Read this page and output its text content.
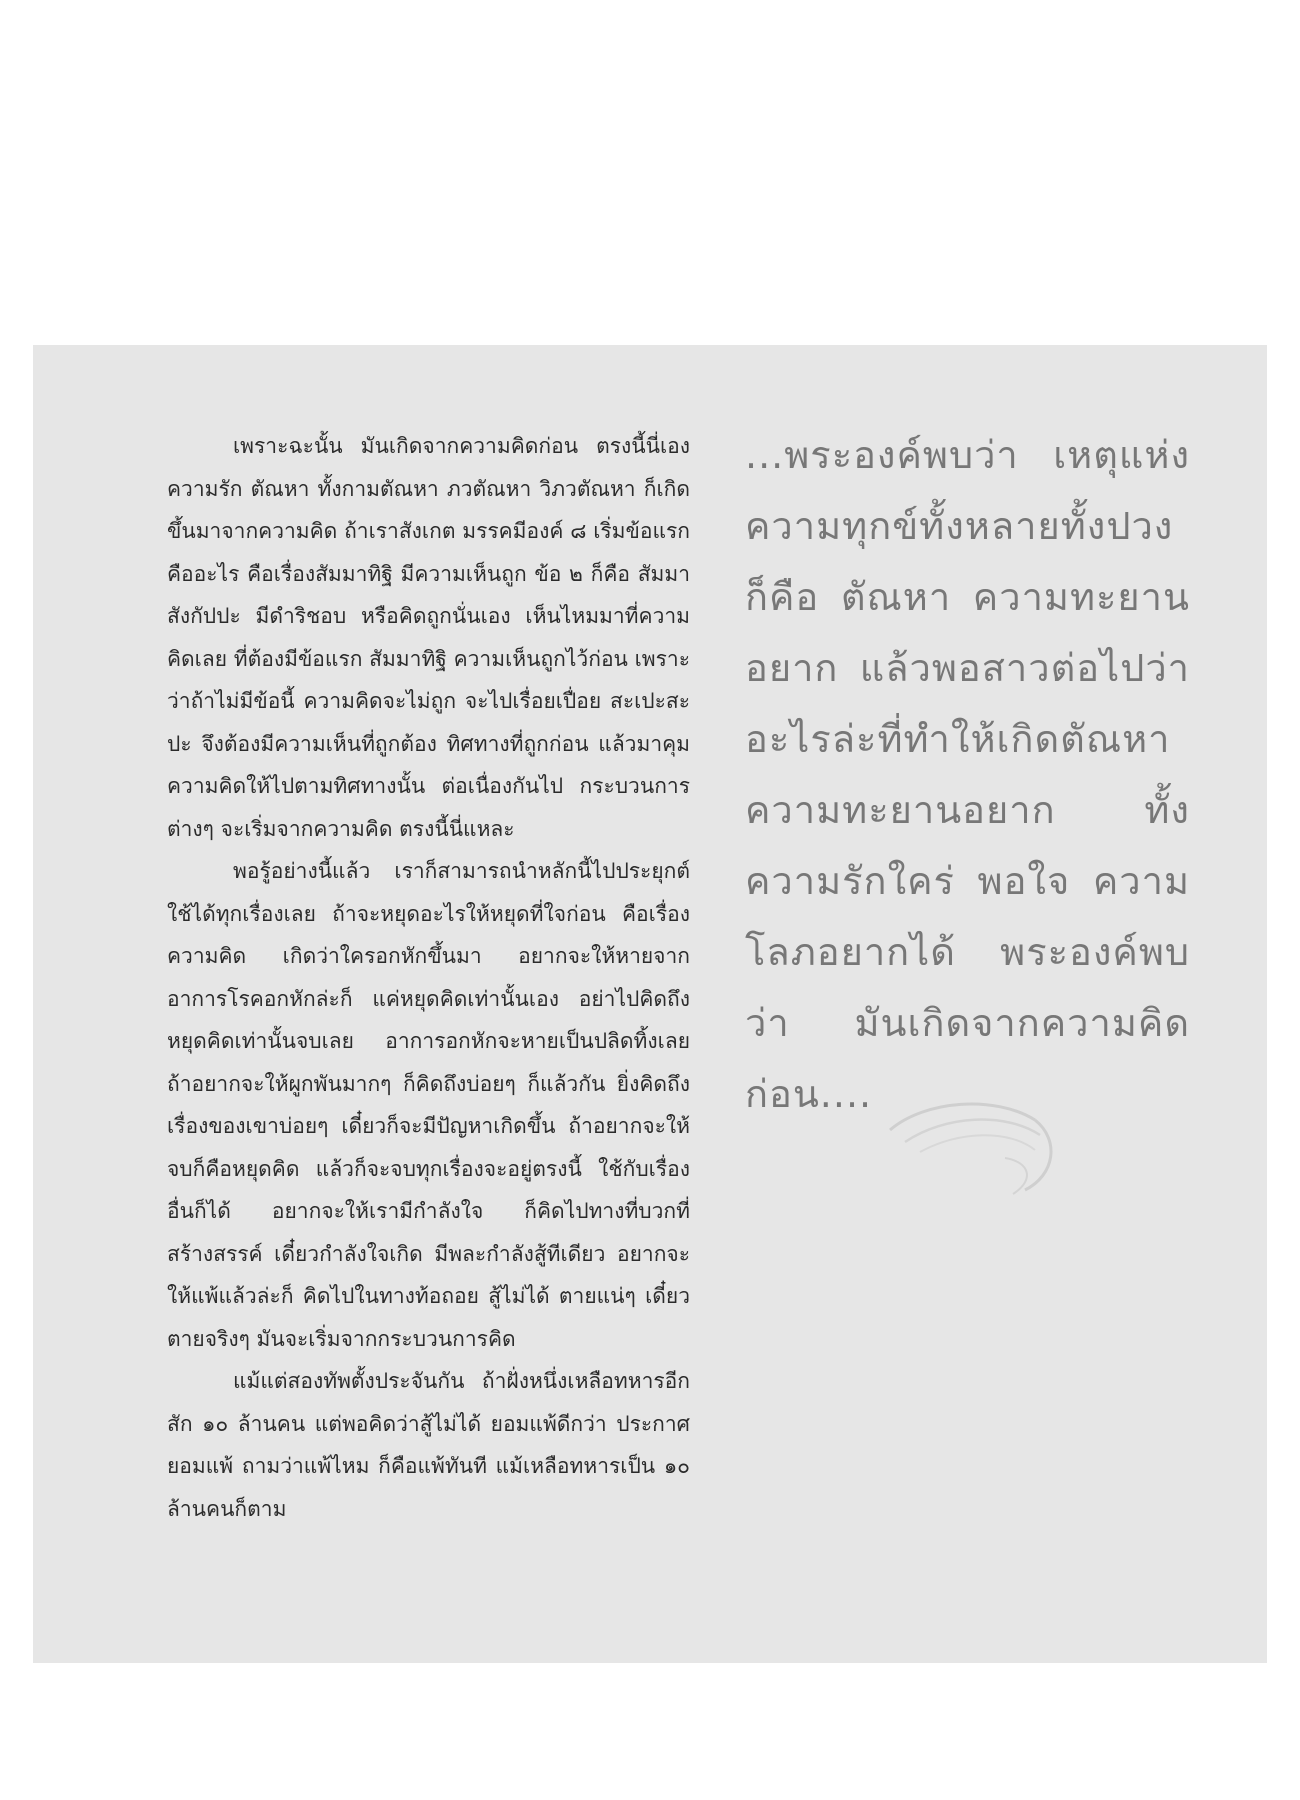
เพราะฉะนั้น มันเกิดจากความคิดก่อน ตรงนี้นี่เอง ความรัก ตัณหา ทั้งกามตัณหา ภวตัณหา วิภวตัณหา ก็เกิดขึ้นมาจากความคิด ถ้าเราสังเกต มรรคมีองค์ ๘ เริ่มข้อแรกคืออะไร คือเรื่องสัมมาทิฐิ มีความเห็นถูก ข้อ ๒ ก็คือ สัมมาสังกัปปะ มีดำริชอบ หรือคิดถูกนั่นเอง เห็นไหมมาที่ความคิดเลย ที่ต้องมีข้อแรก สัมมาทิฐิ ความเห็นถูกไว้ก่อน เพราะว่าถ้าไม่มีข้อนี้ ความคิดจะไม่ถูก จะไปเรื่อยเปื่อย สะเปะสะปะ จึงต้องมีความเห็นที่ถูกต้อง ทิศทางที่ถูกก่อน แล้วมาคุมความคิดให้ไปตามทิศทางนั้น ต่อเนื่องกันไป กระบวนการต่างๆ จะเริ่มจากความคิด ตรงนี้นี่แหละ

พอรู้อย่างนี้แล้ว เราก็สามารถนำหลักนี้ไปประยุกต์ใช้ได้ทุกเรื่องเลย ถ้าจะหยุดอะไรให้หยุดที่ใจก่อน คือเรื่องความคิด เกิดว่าใครอกหักขึ้นมา อยากจะให้หายจากอาการโรคอกหักล่ะก็ แค่หยุดคิดเท่านั้นเอง อย่าไปคิดถึง หยุดคิดเท่านั้นจบเลย อาการอกหักจะหายเป็นปลิดทิ้งเลย ถ้าอยากจะให้ผูกพันมากๆ ก็คิดถึงบ่อยๆ ก็แล้วกัน ยิ่งคิดถึงเรื่องของเขาบ่อยๆ เดี๋ยวก็จะมีปัญหาเกิดขึ้น ถ้าอยากจะให้จบก็คือหยุดคิด แล้วก็จะจบทุกเรื่องจะอยู่ตรงนี้ ใช้กับเรื่องอื่นก็ได้ อยากจะให้เรามีกำลังใจ ก็คิดไปทางที่บวกที่สร้างสรรค์ เดี๋ยวกำลังใจเกิด มีพละกำลังสู้ทีเดียว อยากจะให้แพ้แล้วล่ะก็ คิดไปในทางท้อถอย สู้ไม่ได้ ตายแน่ๆ เดี๋ยวตายจริงๆ มันจะเริ่มจากกระบวนการคิด

แม้แต่สองทัพตั้งประจันกัน ถ้าฝั่งหนึ่งเหลือทหารอีกสัก ๑๐ ล้านคน แต่พอคิดว่าสู้ไม่ได้ ยอมแพ้ดีกว่า ประกาศยอมแพ้ ถามว่าแพ้ไหม ก็คือแพ้ทันที แม้เหลือทหารเป็น ๑๐ ล้านคนก็ตาม

...พระองค์พบว่า เหตุแห่งความทุกข์ทั้งหลายทั้งปวงก็คือ ตัณหา ความทะยานอยาก แล้วพอสาวต่อไปว่าอะไรล่ะที่ทำให้เกิดตัณหา ความทะยานอยาก ทั้งความรักใคร่ พอใจ ความโลภอยากได้ พระองค์พบว่า มันเกิดจากความคิดก่อน....
